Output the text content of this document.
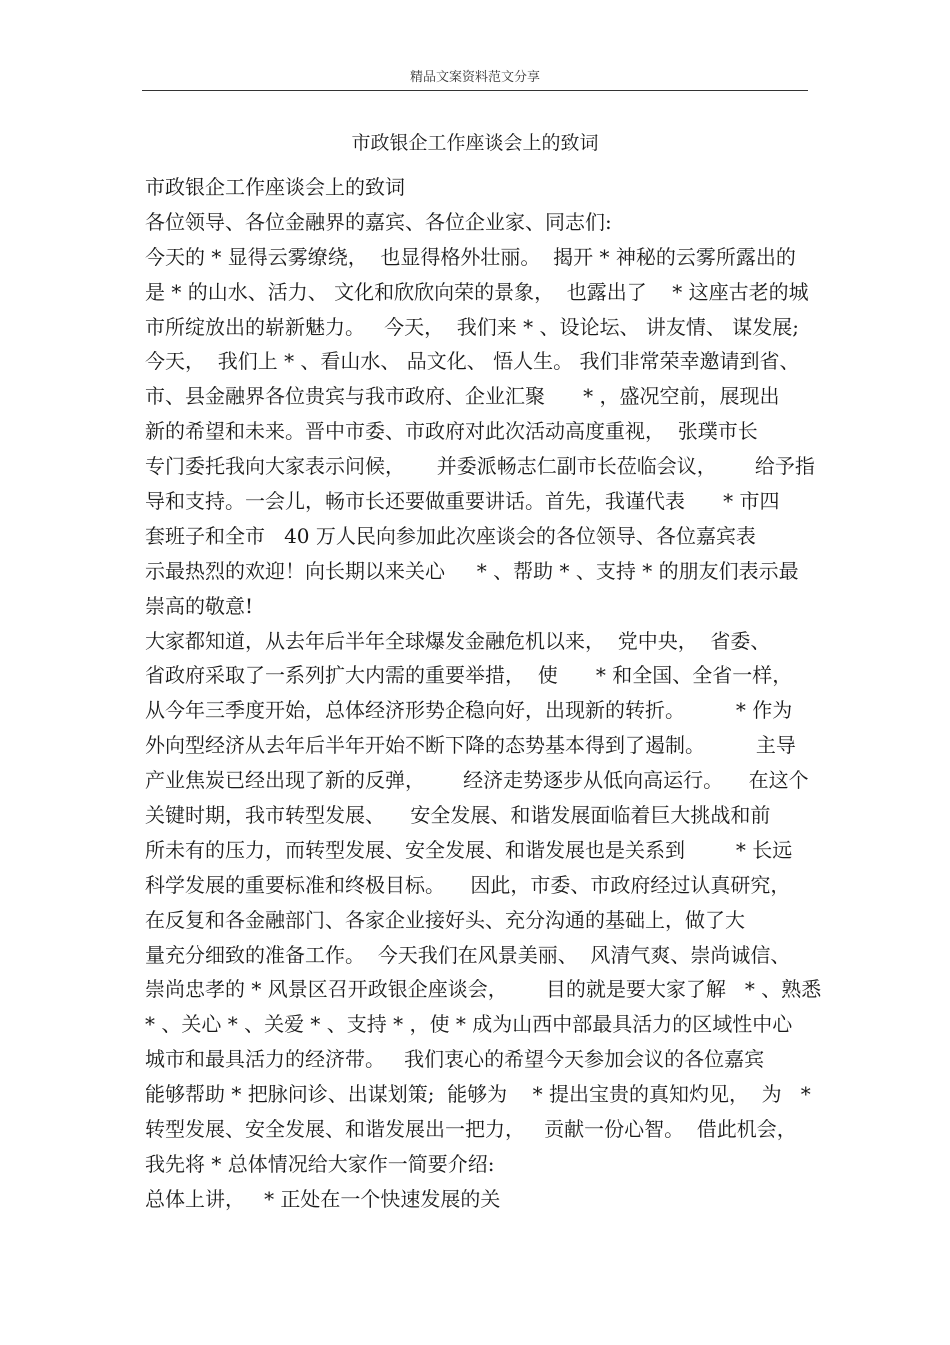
精品文案资料范文分享
市政银企工作座谈会上的致词
市政银企工作座谈会上的致词
各位领导、各位金融界的嘉宾、各位企业家、同志们:
今天的 * 显得云雾缭绕，  也显得格外壮丽。  揭开 * 神秘的云雾所露出的
是 * 的山水、活力、 文化和欣欣向荣的景象，  也露出了    * 这座古老的城
市所绽放出的崭新魅力。   今天，  我们来 * 、设论坛、 讲友情、 谋发展;
今天，  我们上 * 、看山水、 品文化、 悟人生。 我们非常荣幸邀请到省、
市、县金融界各位贵宾与我市政府、企业汇聚      * ，盛况空前，展现出
新的希望和未来。晋中市委、市政府对此次活动高度重视，  张璞市长
专门委托我向大家表示问候，     并委派畅志仁副市长莅临会议，      给予指
导和支持。一会儿，畅市长还要做重要讲话。首先，我谨代表      * 市四
套班子和全市   40 万人民向参加此次座谈会的各位领导、各位嘉宾表
示最热烈的欢迎！向长期以来关心     * 、帮助 * 、支持 * 的朋友们表示最
崇高的敬意!
大家都知道，从去年后半年全球爆发金融危机以来，  党中央，  省委、
省政府采取了一系列扩大内需的重要举措，  使      * 和全国、全省一样，
从今年三季度开始，总体经济形势企稳向好，出现新的转折。        * 作为
外向型经济从去年后半年开始不断下降的态势基本得到了遏制。        主导
产业焦炭已经出现了新的反弹，      经济走势逐步从低向高运行。    在这个
关键时期，我市转型发展、    安全发展、和谐发展面临着巨大挑战和前
所未有的压力，而转型发展、安全发展、和谐发展也是关系到        * 长远
科学发展的重要标准和终极目标。    因此，市委、市政府经过认真研究，
在反复和各金融部门、各家企业接好头、充分沟通的基础上，做了大
量充分细致的准备工作。  今天我们在风景美丽、  风清气爽、崇尚诚信、
崇尚忠孝的 * 风景区召开政银企座谈会，      目的就是要大家了解   * 、熟悉
* 、关心 * 、关爱 * 、支持 * ，使 * 成为山西中部最具活力的区域性中心
城市和最具活力的经济带。   我们衷心的希望今天参加会议的各位嘉宾
能够帮助 * 把脉问诊、出谋划策;  能够为    * 提出宝贵的真知灼见，  为   *
转型发展、安全发展、和谐发展出一把力，   贡献一份心智。  借此机会，
我先将 * 总体情况给大家作一简要介绍:
总体上讲，   * 正处在一个快速发展的关
